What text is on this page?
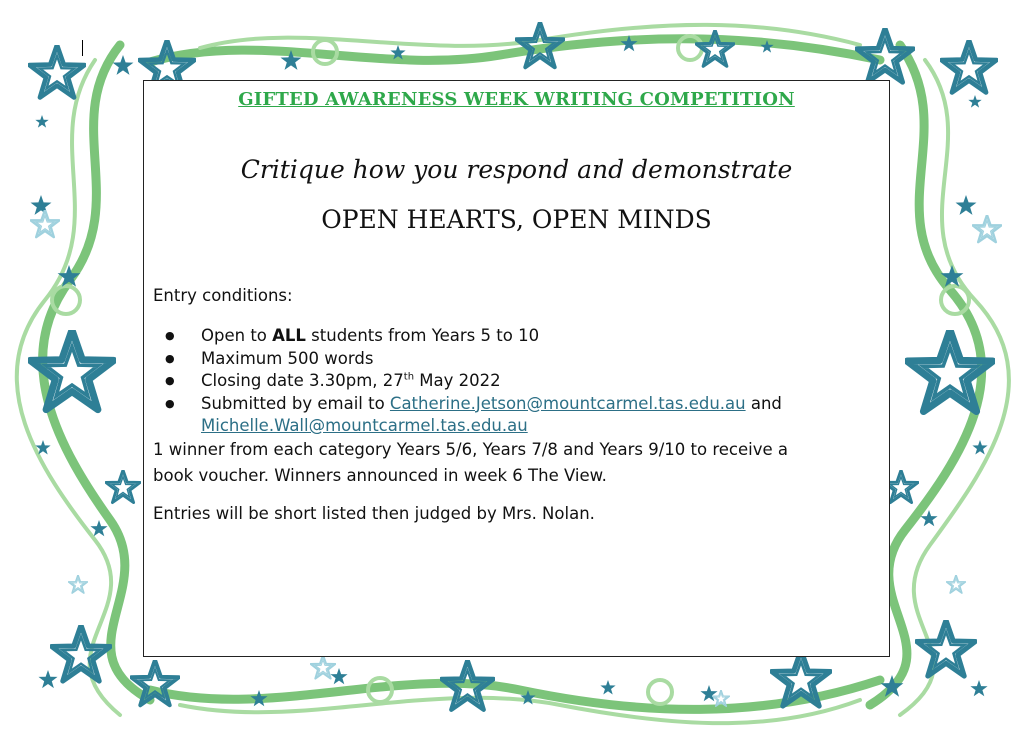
GIFTED AWARENESS WEEK WRITING COMPETITION
Critique how you respond and demonstrate
OPEN HEARTS, OPEN MINDS
Entry conditions:
● Open to ALL students from Years 5 to 10
● Maximum 500 words
● Closing date 3.30pm, 27th May 2022
● Submitted by email to Catherine.Jetson@mountcarmel.tas.edu.au and
Michelle.Wall@mountcarmel.tas.edu.au
1 winner from each category Years 5/6, Years 7/8 and Years 9/10 to receive a
book voucher. Winners announced in week 6 The View.
Entries will be short listed then judged by Mrs. Nolan.
